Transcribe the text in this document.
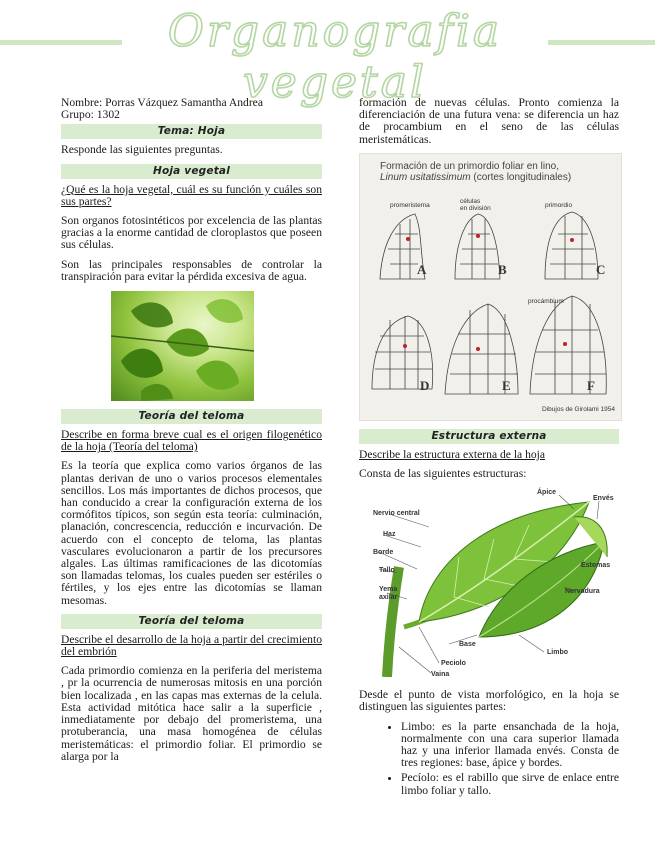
Organografia vegetal
Nombre: Porras Vázquez Samantha Andrea
Grupo: 1302
Tema: Hoja

Responde las siguientes preguntas.

Hoja vegetal

¿Qué es la hoja vegetal, cuál es su función y cuáles son sus partes?

Son organos fotosintéticos por excelencia de las plantas gracias a la enorme cantidad de cloroplastos que poseen sus células.

Son las principales responsables de controlar la transpiración para evitar la pérdida excesiva de agua.

Teoría del teloma

Describe en forma breve cual es el origen filogenético de la hoja (Teoría del teloma)

Es la teoría que explica como varios órganos de las plantas derivan de uno o varios procesos elementales sencillos. Los más importantes de dichos procesos, que han conducido a crear la configuración externa de los cormófitos típicos, son según esta teoría: culminación, planación, concrescencia, reducción e incurvación. De acuerdo con el concepto de teloma, las plantas vasculares evolucionaron a partir de los precursores algales. Las últimas ramificaciones de las dicotomías son llamadas telomas, los cuales pueden ser estériles o fértiles, y los ejes entre las dicotomías se llaman mesomas.

Teoría del teloma

Describe el desarrollo de la hoja a partir del crecimiento del embrión

Cada primordio comienza en la periferia del meristema , pr la ocurrencia de numerosas mitosis en una porción bien localizada , en las capas mas externas de la celula. Esta actividad mitótica hace salir a la superficie , inmediatamente por debajo del promeristema, una protuberancia, una masa homogénea de células meristemáticas: el primordio foliar. El primordio se alarga por la

formación de nuevas células. Pronto comienza la diferenciación de una futura vena: se diferencia un haz de procambium en el seno de las células meristemáticas.

Formación de un primordio foliar en lino,
Linum usitatissimum (cortes longitudinales)
promeristema
células
en división	primordio
procámbium
A	B	C
D	E	F
Dibujos de Girolami 1954
Estructura externa

Describe la estructura externa de la hoja

Consta de las siguientes estructuras:

Ápice
Envés
Nervio central
Haz
Borde
Tallo
Yema
axilar
Estomas
Nervadura
Base
Limbo
Peciolo
Vaina

Desde el punto de vista morfológico, en la hoja se distinguen las siguientes partes:

• Limbo: es la parte ensanchada de la hoja, normalmente con una cara superior llamada haz y una inferior llamada envés. Consta de tres regiones: base, ápice y bordes.
• Pecíolo: es el rabillo que sirve de enlace entre limbo foliar y tallo.
